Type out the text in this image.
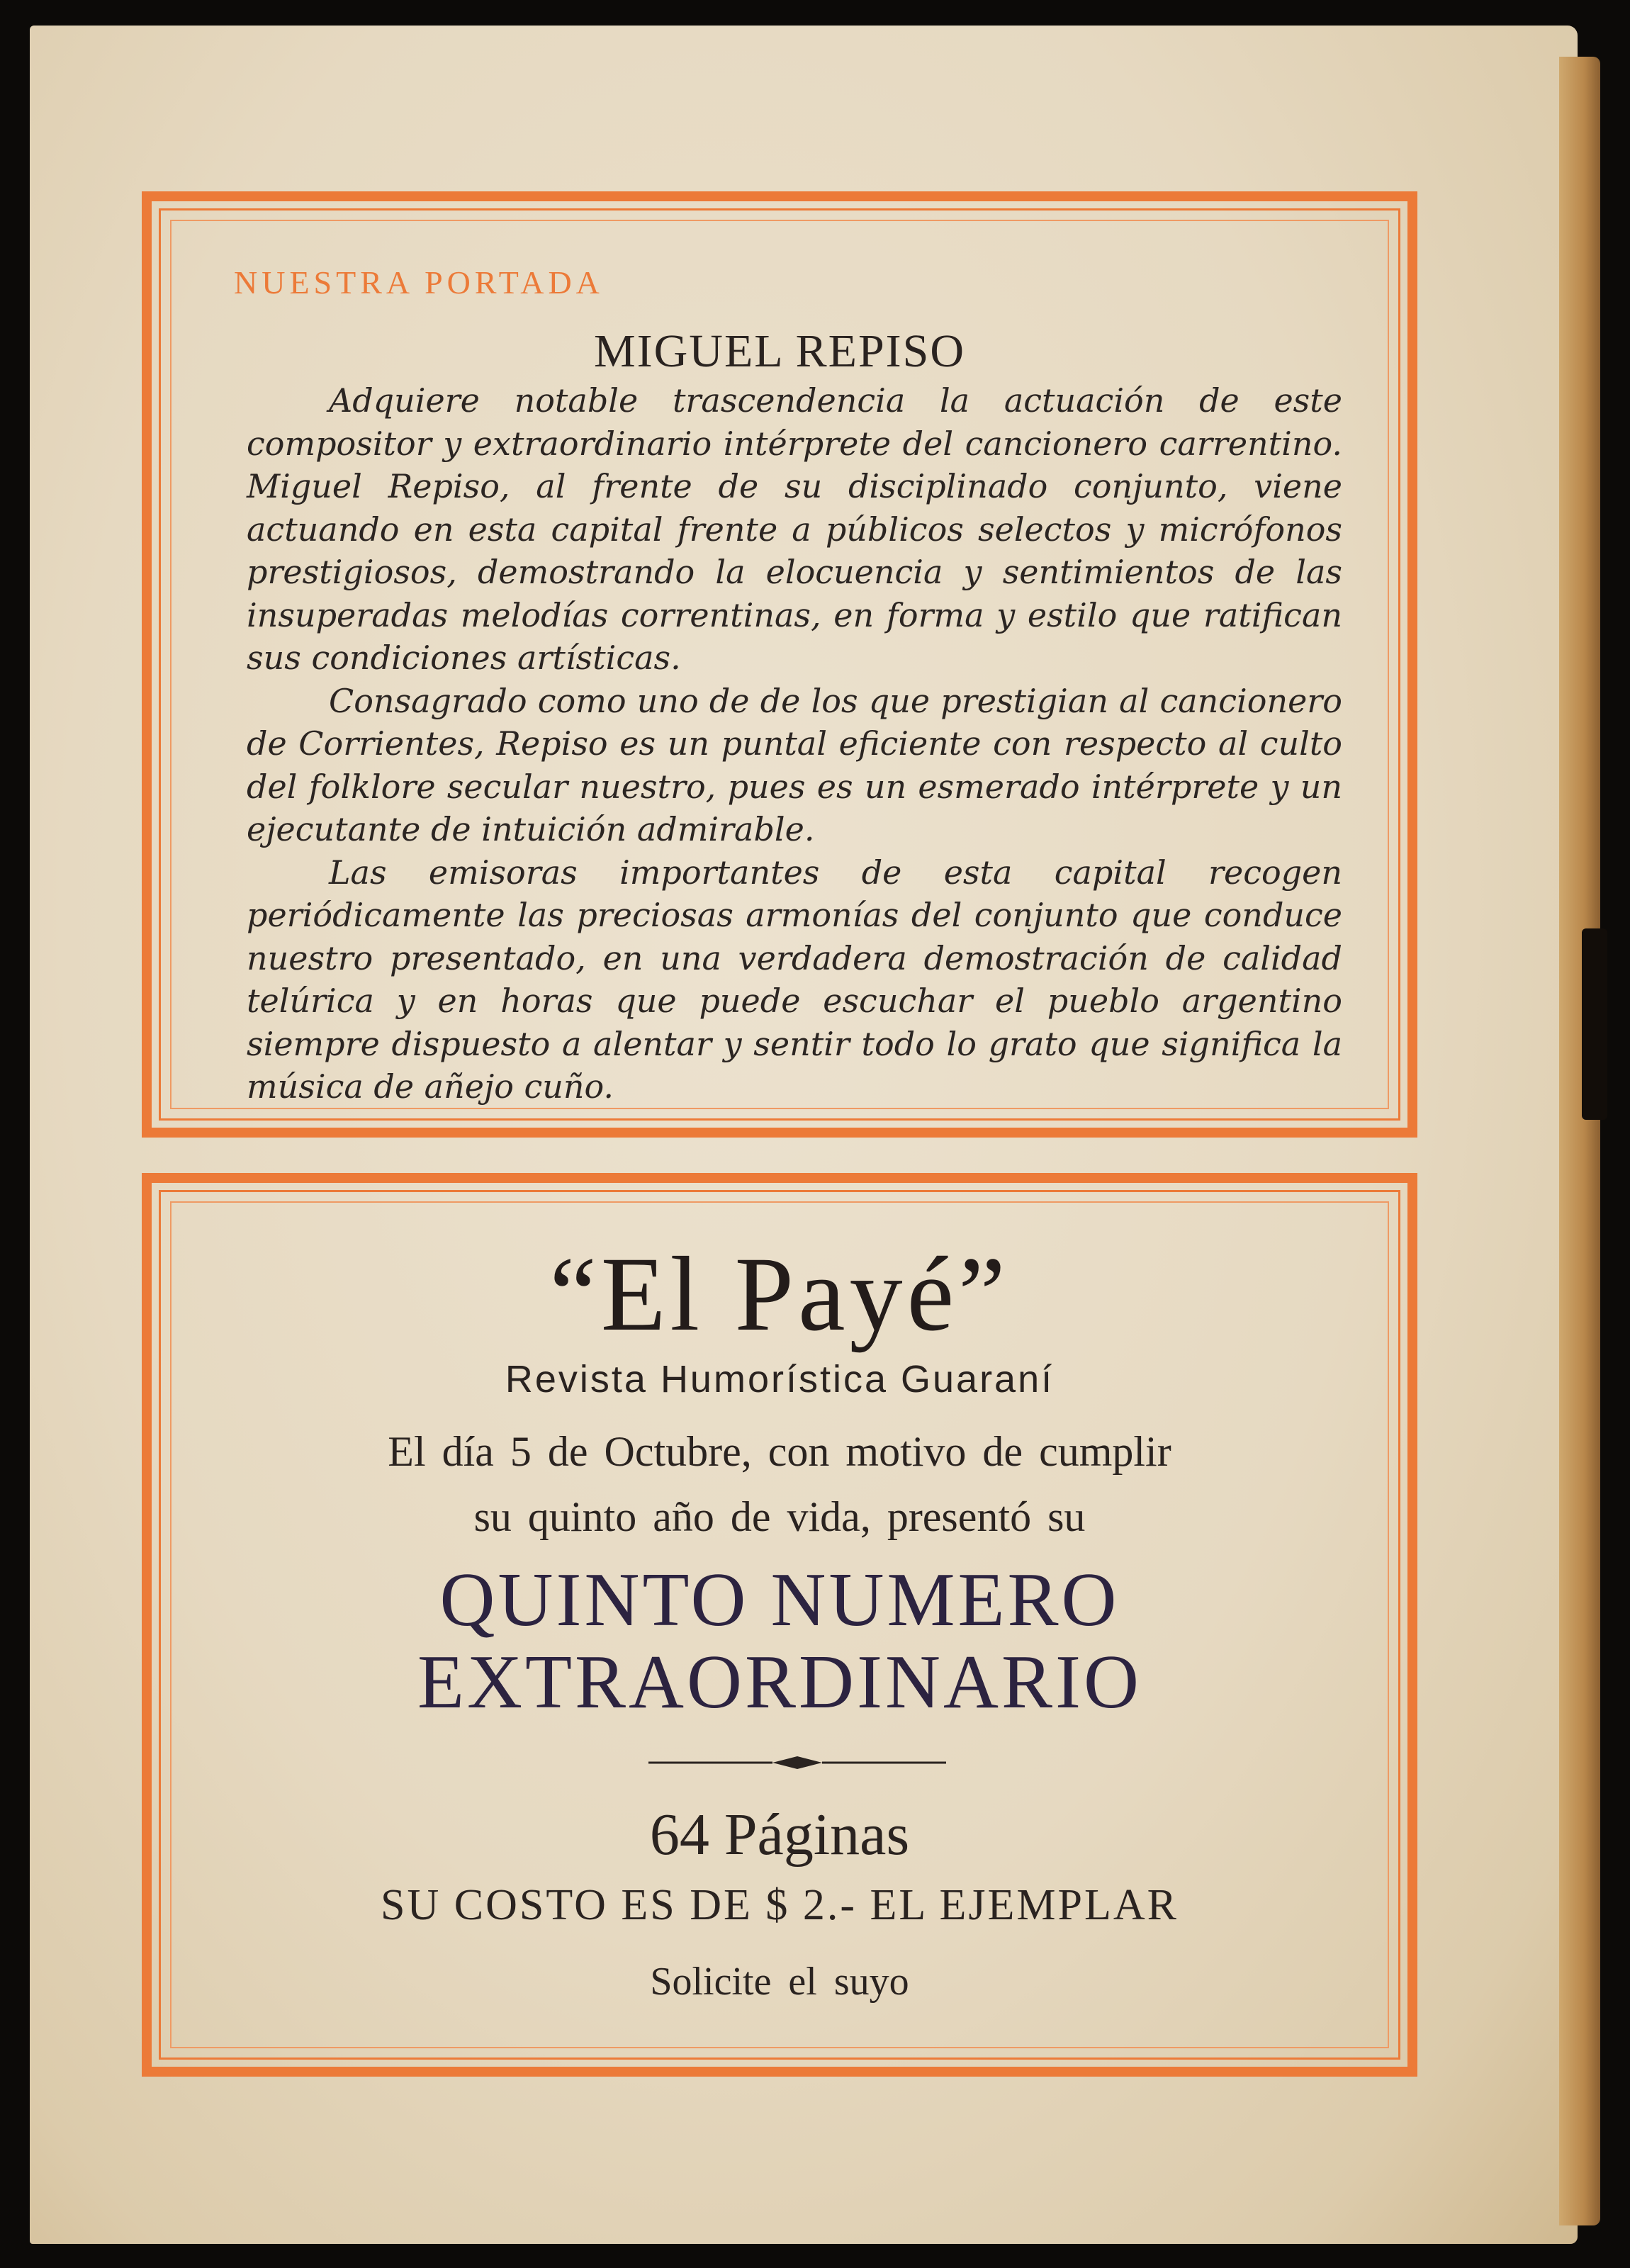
NUESTRA PORTADA
MIGUEL REPISO

Adquiere notable trascendencia la actuación de este compositor y extraordinario intérprete del cancionero carrentino. Miguel Repiso, al frente de su disciplinado conjunto, viene actuando en esta capital frente a públicos selectos y micrófonos prestigiosos, demostrando la elocuencia y sentimientos de las insuperadas melodías correntinas, en forma y estilo que ratifican sus condiciones artísticas.

Consagrado como uno de de los que prestigian al cancionero de Corrientes, Repiso es un puntal eficiente con respecto al culto del folklore secular nuestro, pues es un esmerado intérprete y un ejecutante de intuición admirable.

Las emisoras importantes de esta capital recogen periódicamente las preciosas armonías del conjunto que conduce nuestro presentado, en una verdadera demostración de calidad telúrica y en horas que puede escuchar el pueblo argentino siempre dispuesto a alentar y sentir todo lo grato que significa la música de añejo cuño.

“El Payé”
Revista Humorística Guaraní
El día 5 de Octubre, con motivo de cumplir
su quinto año de vida, presentó su
QUINTO NUMERO
EXTRAORDINARIO
64 Páginas
SU COSTO ES DE $ 2.- EL EJEMPLAR
Solicite el suyo
